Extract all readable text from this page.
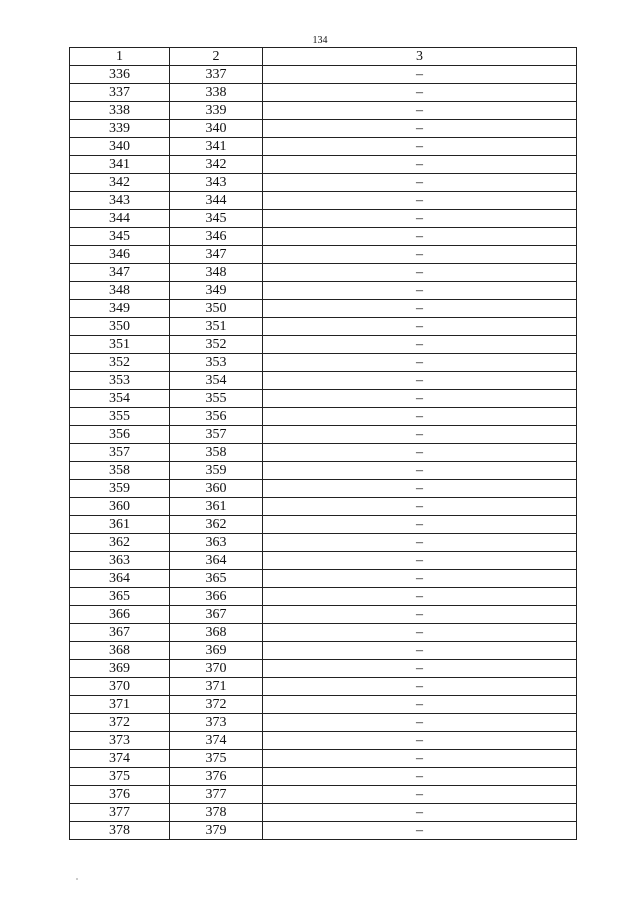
134
1	2	3
336	337	–
337	338	–
338	339	–
339	340	–
340	341	–
341	342	–
342	343	–
343	344	–
344	345	–
345	346	–
346	347	–
347	348	–
348	349	–
349	350	–
350	351	–
351	352	–
352	353	–
353	354	–
354	355	–
355	356	–
356	357	–
357	358	–
358	359	–
359	360	–
360	361	–
361	362	–
362	363	–
363	364	–
364	365	–
365	366	–
366	367	–
367	368	–
368	369	–
369	370	–
370	371	–
371	372	–
372	373	–
373	374	–
374	375	–
375	376	–
376	377	–
377	378	–
378	379	–
